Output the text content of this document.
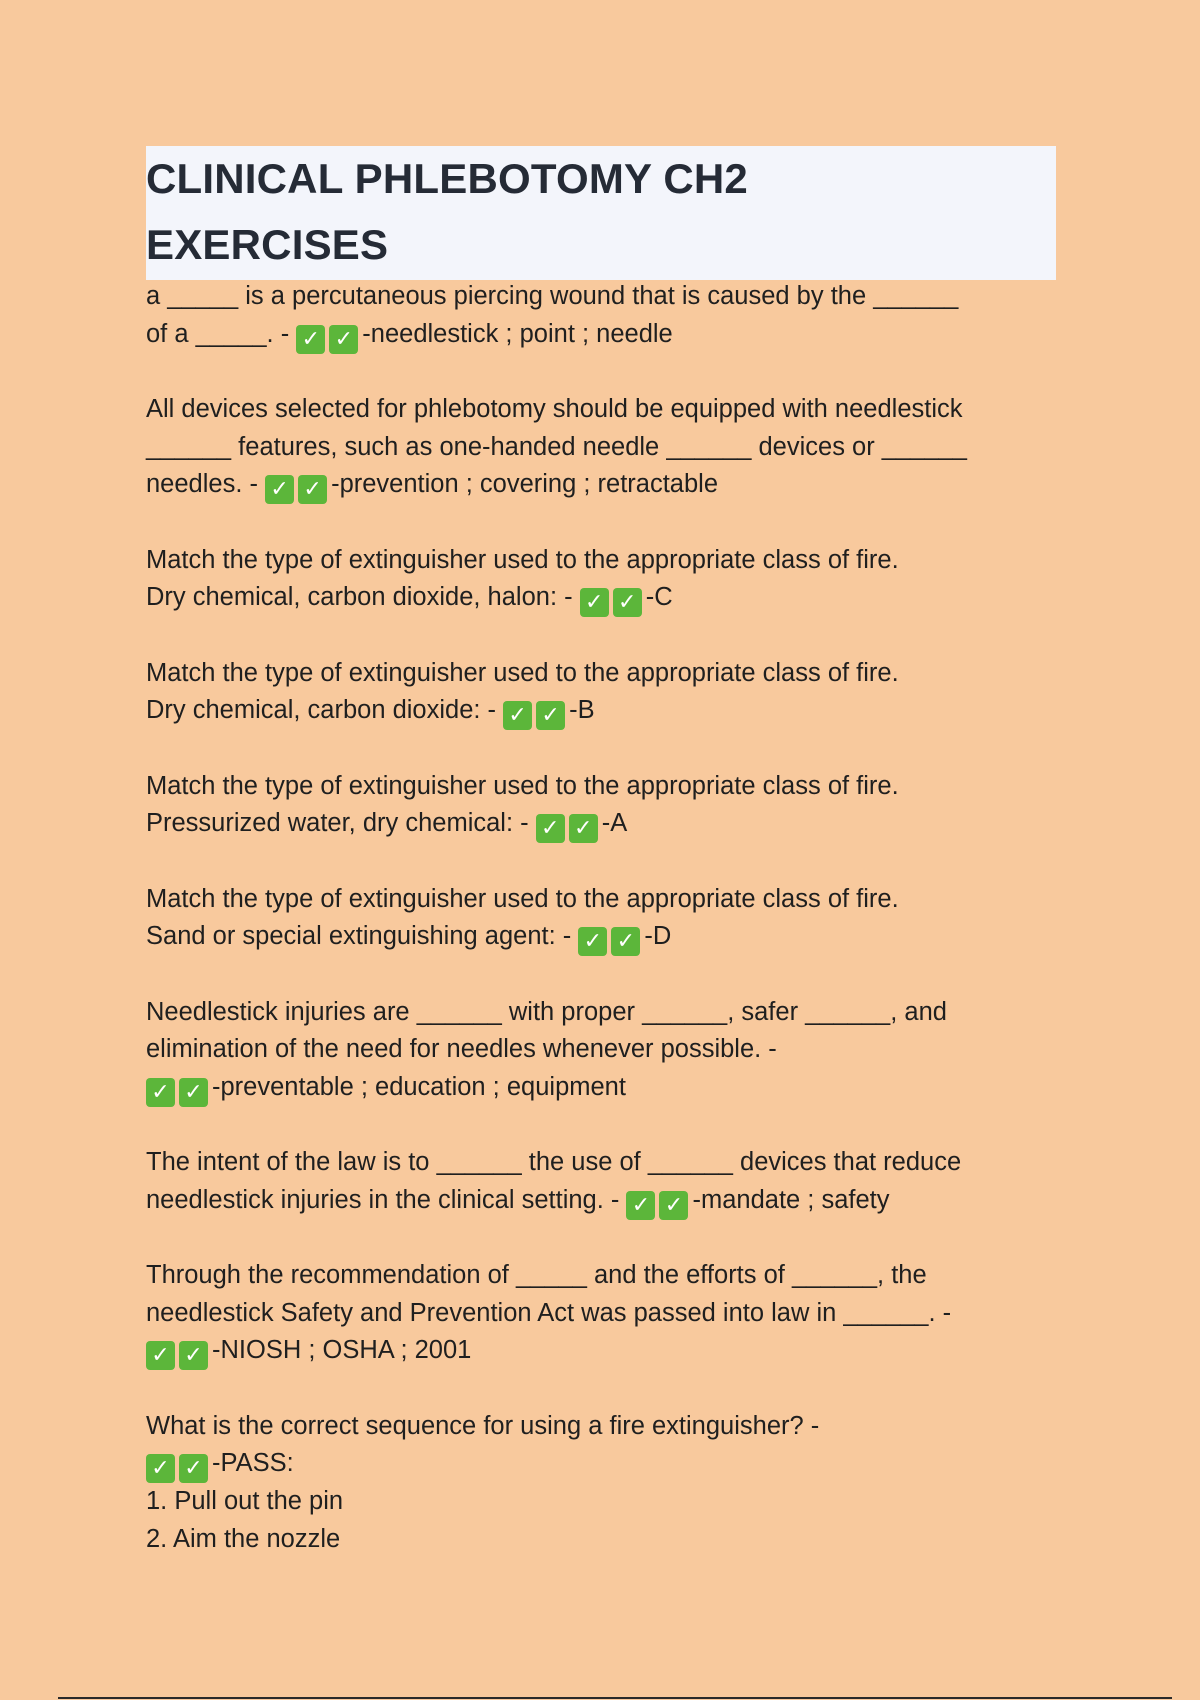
CLINICAL PHLEBOTOMY CH2
EXERCISES
a _____ is a percutaneous piercing wound that is caused by the ______
of a _____. - ✓ ✓ -needlestick ; point ; needle
All devices selected for phlebotomy should be equipped with needlestick
______ features, such as one-handed needle ______ devices or ______
needles. - ✓ ✓ -prevention ; covering ; retractable
Match the type of extinguisher used to the appropriate class of fire.
Dry chemical, carbon dioxide, halon: - ✓ ✓ -C
Match the type of extinguisher used to the appropriate class of fire.
Dry chemical, carbon dioxide: - ✓ ✓ -B
Match the type of extinguisher used to the appropriate class of fire.
Pressurized water, dry chemical: - ✓ ✓ -A
Match the type of extinguisher used to the appropriate class of fire.
Sand or special extinguishing agent: - ✓ ✓ -D
Needlestick injuries are ______ with proper ______, safer ______, and
elimination of the need for needles whenever possible. -
✓ ✓ -preventable ; education ; equipment
The intent of the law is to ______ the use of ______ devices that reduce
needlestick injuries in the clinical setting. - ✓ ✓ -mandate ; safety
Through the recommendation of _____ and the efforts of ______, the
needlestick Safety and Prevention Act was passed into law in ______. -
✓ ✓ -NIOSH ; OSHA ; 2001
What is the correct sequence for using a fire extinguisher? -
✓ ✓ -PASS:
1. Pull out the pin
2. Aim the nozzle
